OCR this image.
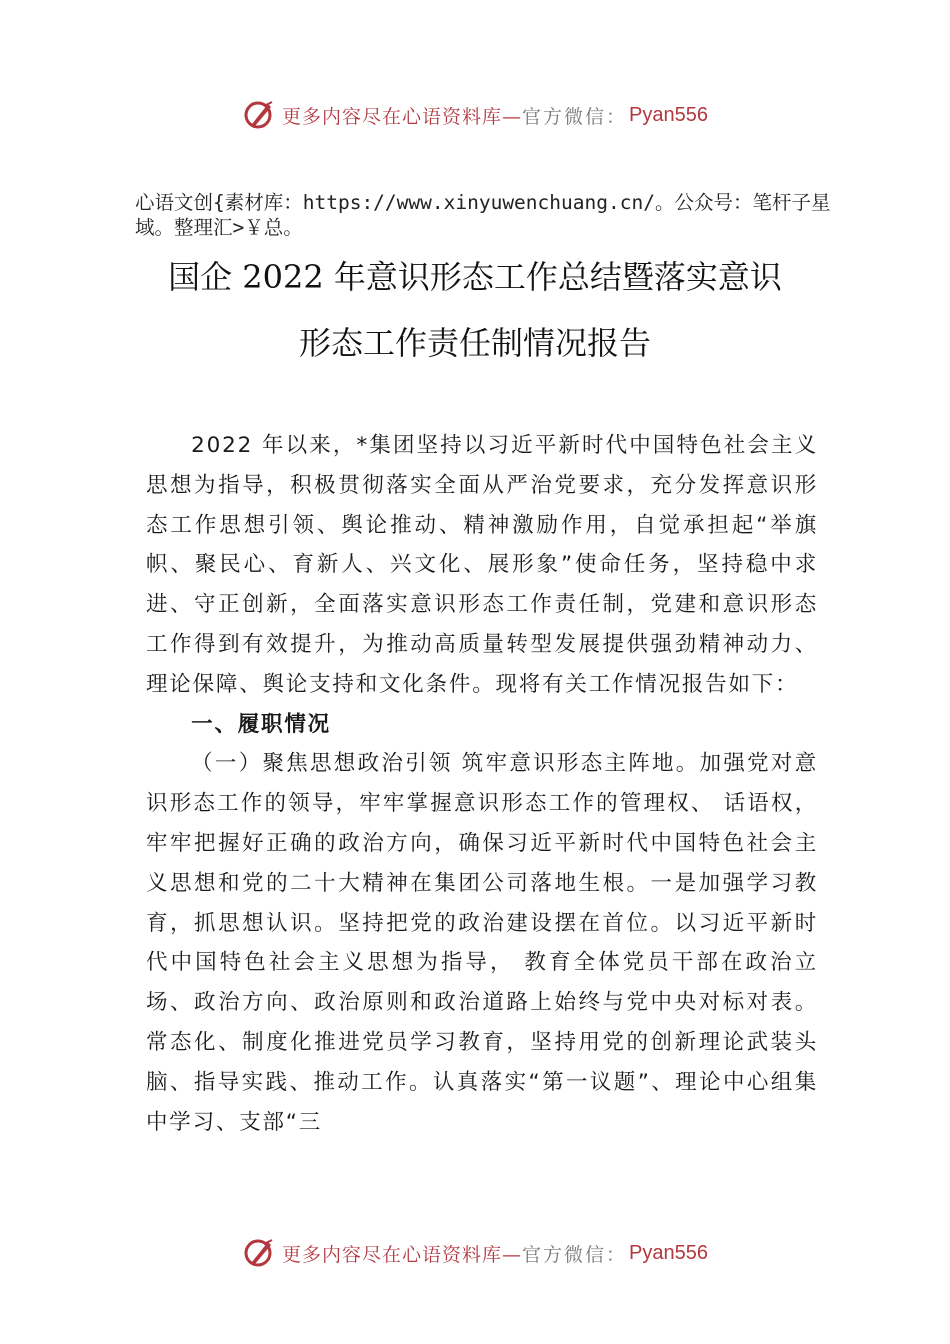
更多内容尽在心语资料库— 官方微信： Pyan556
心语文创{素材库：https://www.xinyuwenchuang.cn/。公众号：笔杆子星域。整理汇>￥总。
国企 2022 年意识形态工作总结暨落实意识
形态工作责任制情况报告

2022 年以来，*集团坚持以习近平新时代中国特色社会主义思想为指导，积极贯彻落实全面从严治党要求，充分发挥意识形态工作思想引领、舆论推动、精神激励作用，自觉承担起“举旗帜、聚民心、育新人、兴文化、展形象”使命任务，坚持稳中求进、守正创新，全面落实意识形态工作责任制，党建和意识形态工作得到有效提升，为推动高质量转型发展提供强劲精神动力、理论保障、舆论支持和文化条件。现将有关工作情况报告如下：

一、履职情况

（一）聚焦思想政治引领 筑牢意识形态主阵地。加强党对意识形态工作的领导，牢牢掌握意识形态工作的管理权、 话语权，牢牢把握好正确的政治方向，确保习近平新时代中国特色社会主义思想和党的二十大精神在集团公司落地生根。一是加强学习教育，抓思想认识。坚持把党的政治建设摆在首位。以习近平新时代中国特色社会主义思想为指导， 教育全体党员干部在政治立场、政治方向、政治原则和政治道路上始终与党中央对标对表。常态化、制度化推进党员学习教育，坚持用党的创新理论武装头脑、指导实践、推动工作。认真落实“第一议题”、理论中心组集中学习、支部“三

更多内容尽在心语资料库— 官方微信： Pyan556
